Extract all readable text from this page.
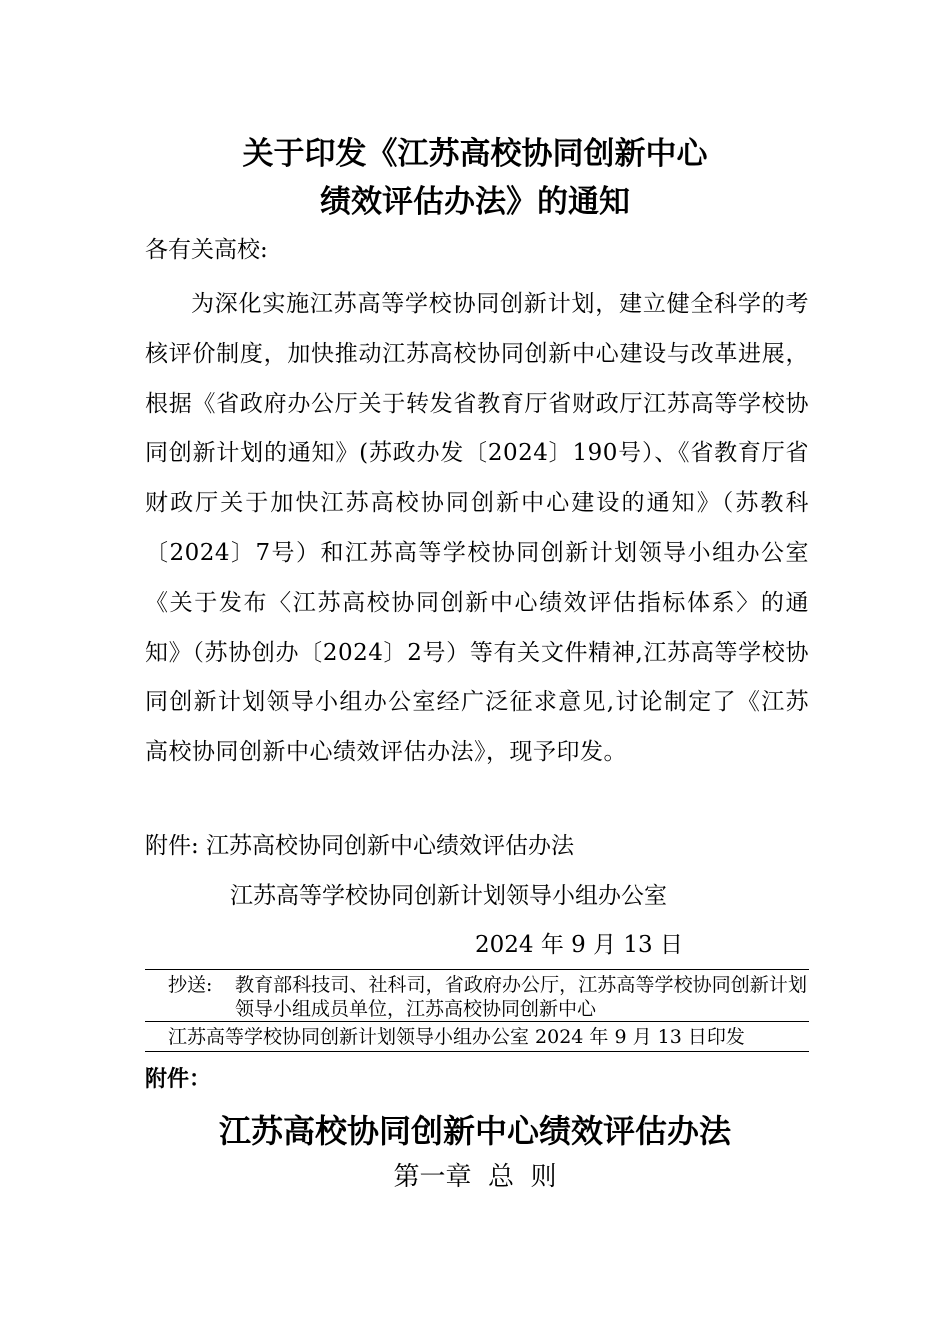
关于印发《江苏高校协同创新中心
绩效评估办法》的通知
各有关高校:
为深化实施江苏高等学校协同创新计划，建立健全科学的考核评价制度，加快推动江苏高校协同创新中心建设与改革进展，根据《省政府办公厅关于转发省教育厅省财政厅江苏高等学校协同创新计划的通知》(苏政办发〔2024〕190号）、《省教育厅省财政厅关于加快江苏高校协同创新中心建设的通知》（苏教科〔2024〕7号）和江苏高等学校协同创新计划领导小组办公室《关于发布〈江苏高校协同创新中心绩效评估指标体系〉的通知》（苏协创办〔2024〕2号）等有关文件精神,江苏高等学校协同创新计划领导小组办公室经广泛征求意见,讨论制定了《江苏高校协同创新中心绩效评估办法》，现予印发。
附件: 江苏高校协同创新中心绩效评估办法
江苏高等学校协同创新计划领导小组办公室
2024 年 9 月 13 日
抄送: 教育部科技司、社科司，省政府办公厅，江苏高等学校协同创新计划领导小组成员单位，江苏高校协同创新中心
江苏高等学校协同创新计划领导小组办公室 2024 年 9 月 13 日印发
附件：
江苏高校协同创新中心绩效评估办法
第一章  总  则
